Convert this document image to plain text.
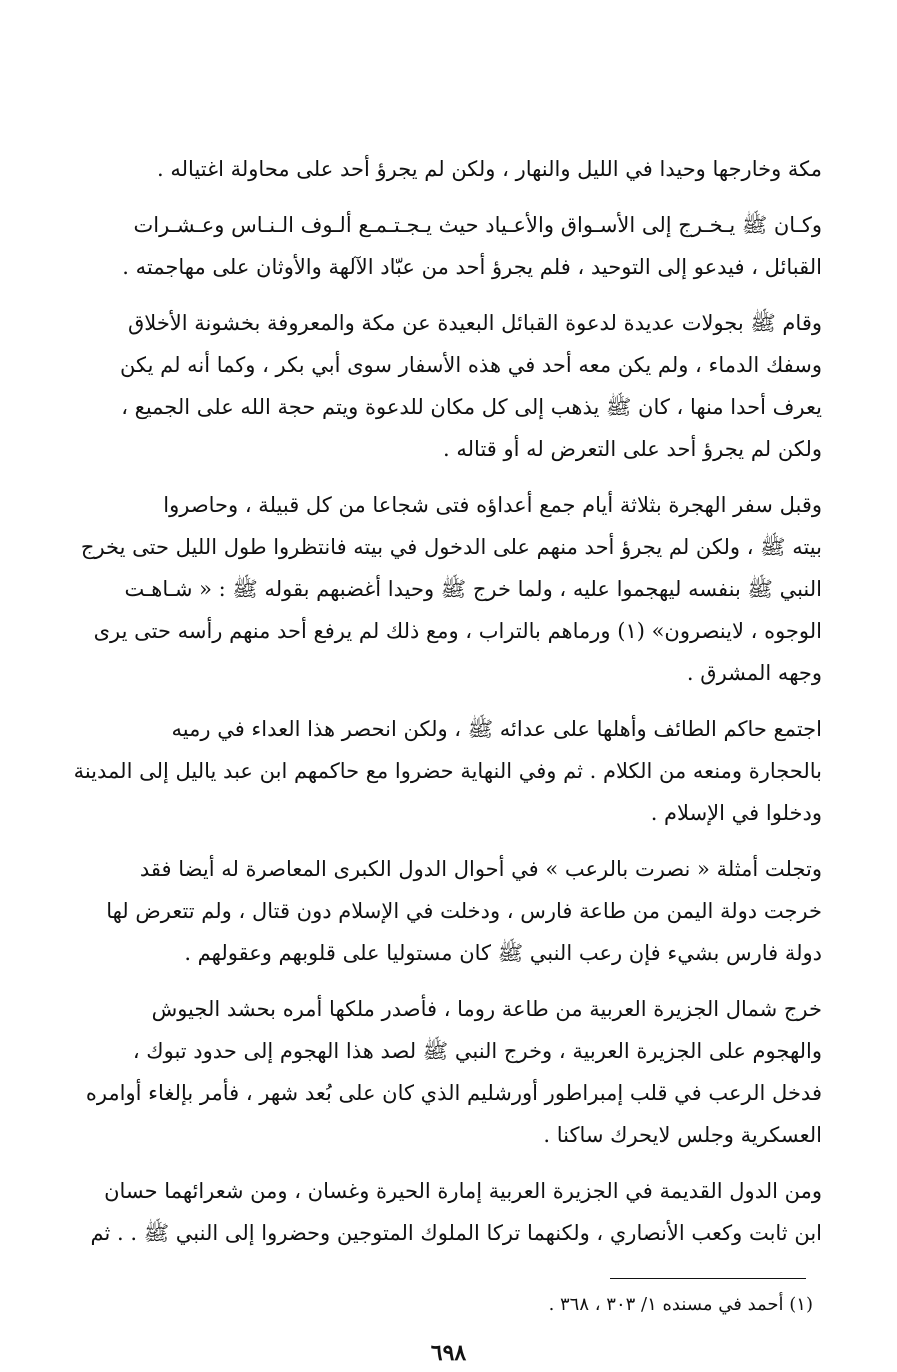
مكة وخارجها وحيدا في الليل والنهار ، ولكن لم يجرؤ أحد على محاولة اغتياله .

وكـان ﷺ يـخـرج إلى الأسـواق والأعـياد حيث يـجـتـمـع ألـوف الـنـاس وعـشـرات
القبائل ، فيدعو إلى التوحيد ، فلم يجرؤ أحد من عبّاد الآلهة والأوثان على مهاجمته .

وقام ﷺ بجولات عديدة لدعوة القبائل البعيدة عن مكة والمعروفة بخشونة الأخلاق
وسفك الدماء ، ولم يكن معه أحد في هذه الأسفار سوى أبي بكر ، وكما أنه لم يكن
يعرف أحدا منها ، كان ﷺ يذهب إلى كل مكان للدعوة ويتم حجة الله على الجميع ،
ولكن لم يجرؤ أحد على التعرض له أو قتاله .

وقبل سفر الهجرة بثلاثة أيام جمع أعداؤه فتى شجاعا من كل قبيلة ، وحاصروا
بيته ﷺ ، ولكن لم يجرؤ أحد منهم على الدخول في بيته فانتظروا طول الليل حتى يخرج
النبي ﷺ بنفسه ليهجموا عليه ، ولما خرج ﷺ وحيدا أغضبهم بقوله ﷺ : « شـاهـت
الوجوه ، لاينصرون» (١) ورماهم بالتراب ، ومع ذلك لم يرفع أحد منهم رأسه حتى يرى
وجهه المشرق .

اجتمع حاكم الطائف وأهلها على عدائه ﷺ ، ولكن انحصر هذا العداء في رميه
بالحجارة ومنعه من الكلام . ثم وفي النهاية حضروا مع حاكمهم ابن عبد ياليل إلى المدينة
ودخلوا في الإسلام .

وتجلت أمثلة « نصرت بالرعب » في أحوال الدول الكبرى المعاصرة له أيضا فقد
خرجت دولة اليمن من طاعة فارس ، ودخلت في الإسلام دون قتال ، ولم تتعرض لها
دولة فارس بشيء فإن رعب النبي ﷺ كان مستوليا على قلوبهم وعقولهم .

خرج شمال الجزيرة العربية من طاعة روما ، فأصدر ملكها أمره بحشد الجيوش
والهجوم على الجزيرة العربية ، وخرج النبي ﷺ لصد هذا الهجوم إلى حدود تبوك ،
فدخل الرعب في قلب إمبراطور أورشليم الذي كان على بُعد شهر ، فأمر بإلغاء أوامره
العسكرية وجلس لايحرك ساكنا .

ومن الدول القديمة في الجزيرة العربية إمارة الحيرة وغسان ، ومن شعرائهما حسان
ابن ثابت وكعب الأنصاري ، ولكنهما تركا الملوك المتوجين وحضروا إلى النبي ﷺ . . ثم

(١) أحمد في مسنده ١/ ٣٠٣ ، ٣٦٨ .
٦٩٨
